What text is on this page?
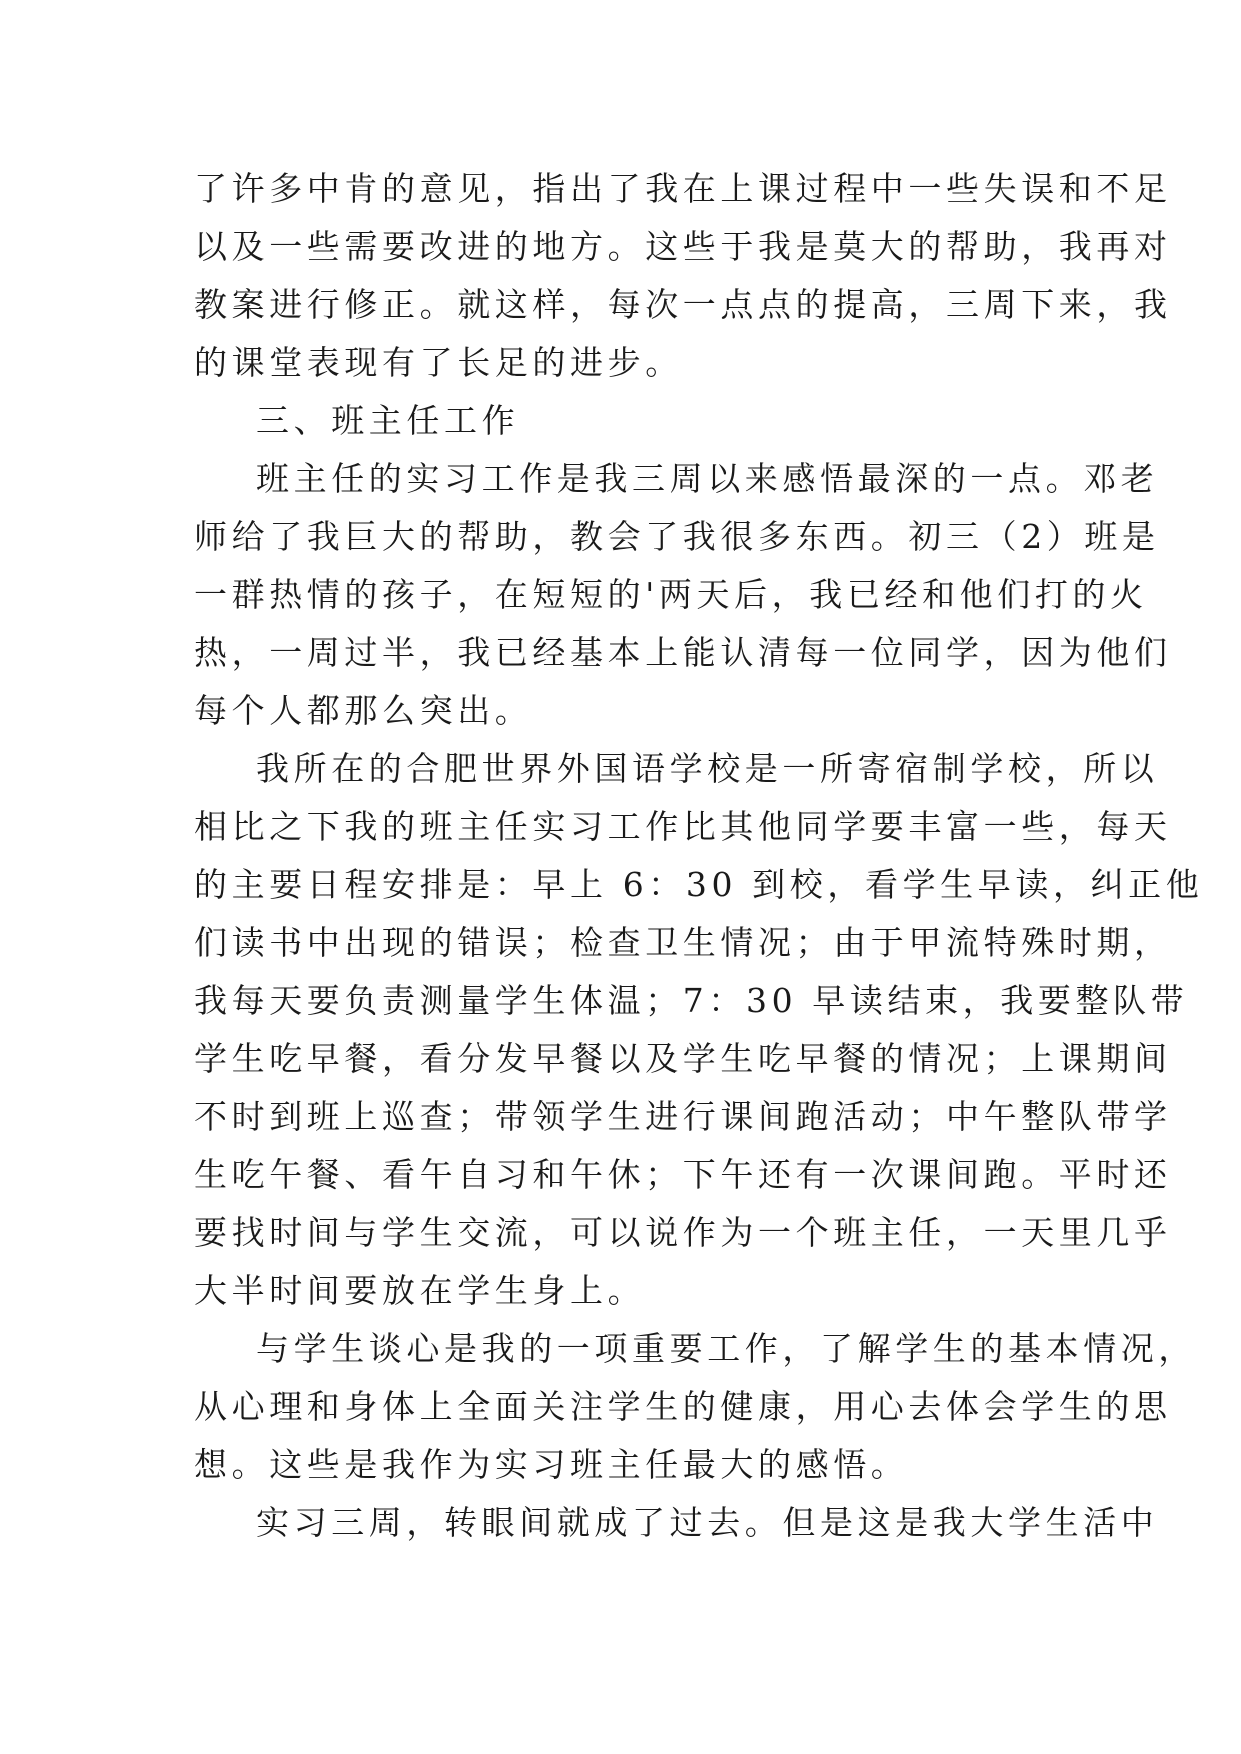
了许多中肯的意见，指出了我在上课过程中一些失误和不足
以及一些需要改进的地方。这些于我是莫大的帮助，我再对
教案进行修正。就这样，每次一点点的提高，三周下来，我
的课堂表现有了长足的进步。
三、班主任工作
班主任的实习工作是我三周以来感悟最深的一点。邓老
师给了我巨大的帮助，教会了我很多东西。初三（2）班是
一群热情的孩子，在短短的'两天后，我已经和他们打的火
热，一周过半，我已经基本上能认清每一位同学，因为他们
每个人都那么突出。
我所在的合肥世界外国语学校是一所寄宿制学校，所以
相比之下我的班主任实习工作比其他同学要丰富一些，每天
的主要日程安排是：早上 6：30 到校，看学生早读，纠正他
们读书中出现的错误；检查卫生情况；由于甲流特殊时期，
我每天要负责测量学生体温；7：30 早读结束，我要整队带
学生吃早餐，看分发早餐以及学生吃早餐的情况；上课期间
不时到班上巡查；带领学生进行课间跑活动；中午整队带学
生吃午餐、看午自习和午休；下午还有一次课间跑。平时还
要找时间与学生交流，可以说作为一个班主任，一天里几乎
大半时间要放在学生身上。
与学生谈心是我的一项重要工作，了解学生的基本情况，
从心理和身体上全面关注学生的健康，用心去体会学生的思
想。这些是我作为实习班主任最大的感悟。
实习三周，转眼间就成了过去。但是这是我大学生活中
